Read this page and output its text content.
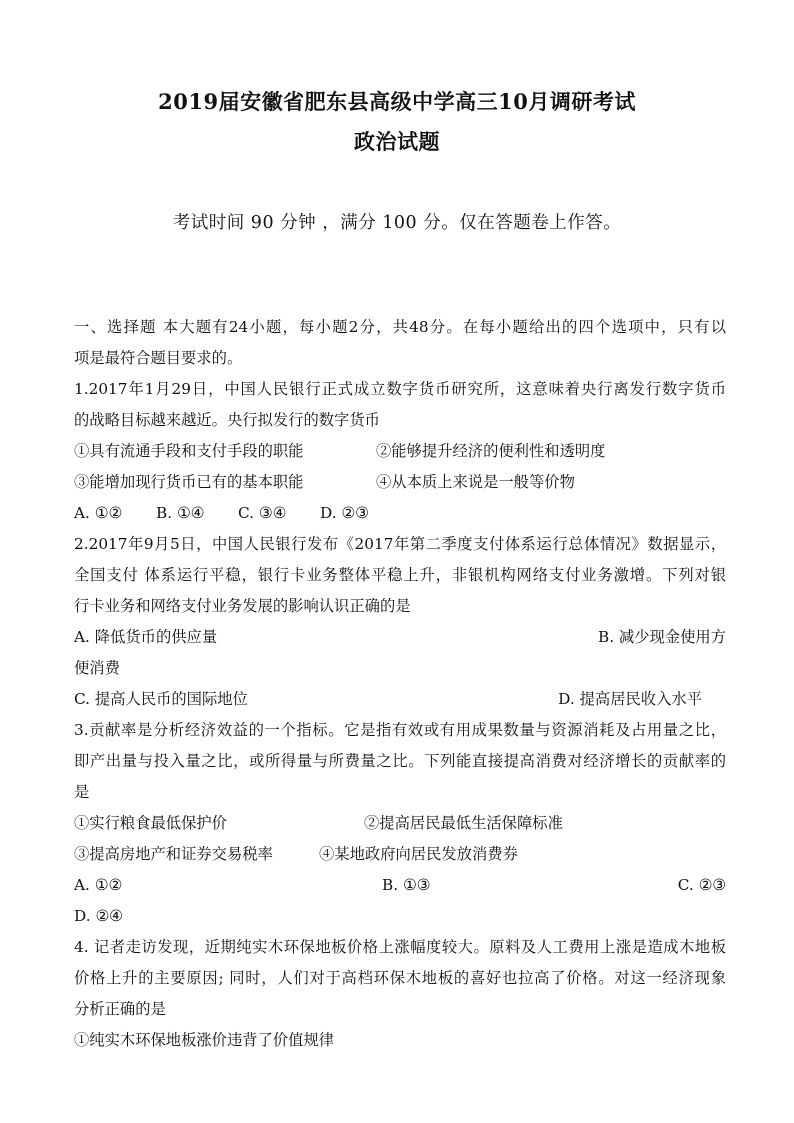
2019届安徽省肥东县高级中学高三10月调研考试
政治试题
考试时间 90 分钟 ，满分 100 分。仅在答题卷上作答。
一、选择题 本大题有24小题，每小题2分，共48分。在每小题给出的四个选项中，只有以
项是最符合题目要求的。
1.2017年1月29日，中国人民银行正式成立数字货币研究所，这意味着央行离发行数字货币
的战略目标越来越近。央行拟发行的数字货币
①具有流通手段和支付手段的职能	②能够提升经济的便利性和透明度
③能增加现行货币已有的基本职能	④从本质上来说是一般等价物
A. ①②	B. ①④	C. ③④	D. ②③
2.2017年9月5日，中国人民银行发布《2017年第二季度支付体系运行总体情况》数据显示，
全国支付 体系运行平稳，银行卡业务整体平稳上升，非银机构网络支付业务激增。下列对银
行卡业务和网络支付业务发展的影响认识正确的是
A. 降低货币的供应量	B. 减少现金使用方
便消费
C. 提高人民币的国际地位	D. 提高居民收入水平
3.贡献率是分析经济效益的一个指标。它是指有效或有用成果数量与资源消耗及占用量之比，
即产出量与投入量之比，或所得量与所费量之比。下列能直接提高消费对经济增长的贡献率的
是
①实行粮食最低保护价	②提高居民最低生活保障标准
③提高房地产和证券交易税率	④某地政府向居民发放消费券
A. ①②	B. ①③	C. ②③
D. ②④
4. 记者走访发现，近期纯实木环保地板价格上涨幅度较大。原料及人工费用上涨是造成木地板
价格上升的主要原因; 同时，人们对于高档环保木地板的喜好也拉高了价格。对这一经济现象
分析正确的是
①纯实木环保地板涨价违背了价值规律
